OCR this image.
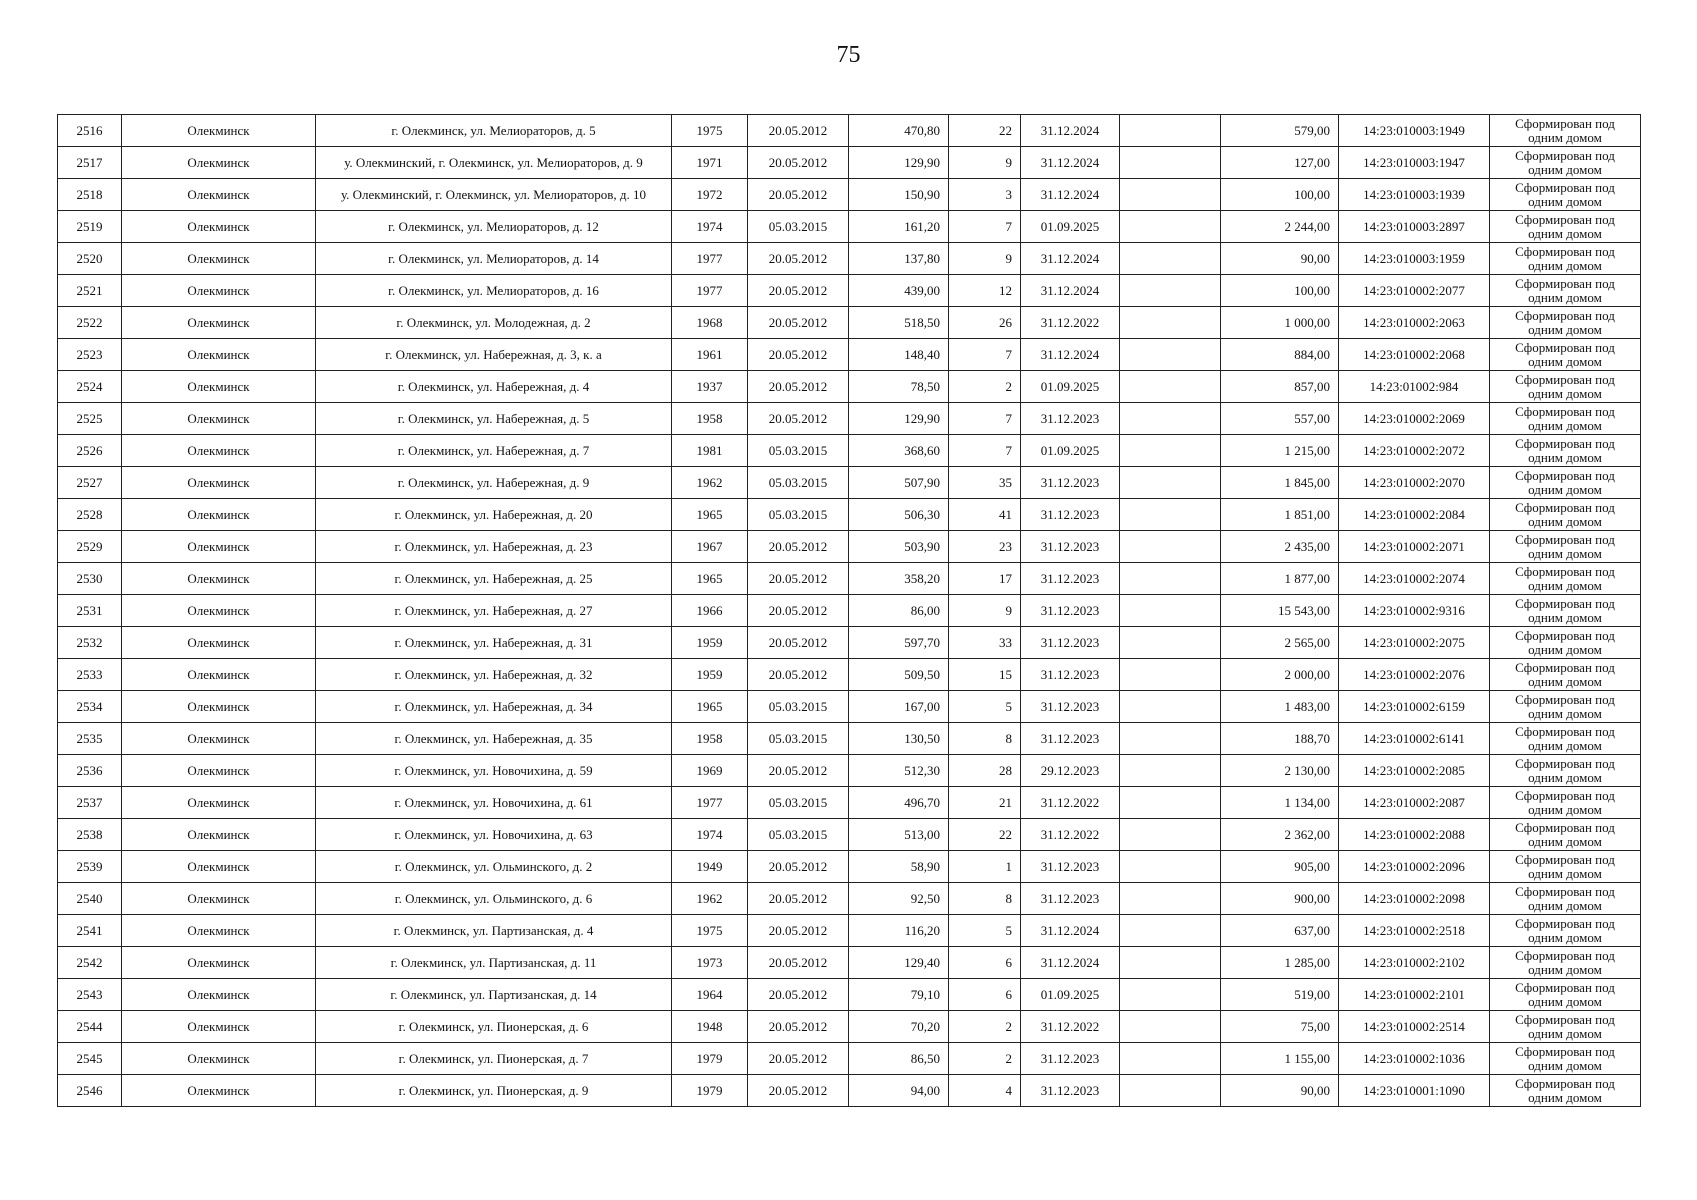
75
2516	Олекминск	г. Олекминск, ул. Мелиораторов, д. 5	1975	20.05.2012	470,80	22	31.12.2024		579,00	14:23:010003:1949	Сформирован под одним домом
2517	Олекминск	у. Олекминский, г. Олекминск, ул. Мелиораторов, д. 9	1971	20.05.2012	129,90	9	31.12.2024		127,00	14:23:010003:1947	Сформирован под одним домом
2518	Олекминск	у. Олекминский, г. Олекминск, ул. Мелиораторов, д. 10	1972	20.05.2012	150,90	3	31.12.2024		100,00	14:23:010003:1939	Сформирован под одним домом
2519	Олекминск	г. Олекминск, ул. Мелиораторов, д. 12	1974	05.03.2015	161,20	7	01.09.2025		2 244,00	14:23:010003:2897	Сформирован под одним домом
2520	Олекминск	г. Олекминск, ул. Мелиораторов, д. 14	1977	20.05.2012	137,80	9	31.12.2024		90,00	14:23:010003:1959	Сформирован под одним домом
2521	Олекминск	г. Олекминск, ул. Мелиораторов, д. 16	1977	20.05.2012	439,00	12	31.12.2024		100,00	14:23:010002:2077	Сформирован под одним домом
2522	Олекминск	г. Олекминск, ул. Молодежная, д. 2	1968	20.05.2012	518,50	26	31.12.2022		1 000,00	14:23:010002:2063	Сформирован под одним домом
2523	Олекминск	г. Олекминск, ул. Набережная, д. 3, к. а	1961	20.05.2012	148,40	7	31.12.2024		884,00	14:23:010002:2068	Сформирован под одним домом
2524	Олекминск	г. Олекминск, ул. Набережная, д. 4	1937	20.05.2012	78,50	2	01.09.2025		857,00	14:23:01002:984	Сформирован под одним домом
2525	Олекминск	г. Олекминск, ул. Набережная, д. 5	1958	20.05.2012	129,90	7	31.12.2023		557,00	14:23:010002:2069	Сформирован под одним домом
2526	Олекминск	г. Олекминск, ул. Набережная, д. 7	1981	05.03.2015	368,60	7	01.09.2025		1 215,00	14:23:010002:2072	Сформирован под одним домом
2527	Олекминск	г. Олекминск, ул. Набережная, д. 9	1962	05.03.2015	507,90	35	31.12.2023		1 845,00	14:23:010002:2070	Сформирован под одним домом
2528	Олекминск	г. Олекминск, ул. Набережная, д. 20	1965	05.03.2015	506,30	41	31.12.2023		1 851,00	14:23:010002:2084	Сформирован под одним домом
2529	Олекминск	г. Олекминск, ул. Набережная, д. 23	1967	20.05.2012	503,90	23	31.12.2023		2 435,00	14:23:010002:2071	Сформирован под одним домом
2530	Олекминск	г. Олекминск, ул. Набережная, д. 25	1965	20.05.2012	358,20	17	31.12.2023		1 877,00	14:23:010002:2074	Сформирован под одним домом
2531	Олекминск	г. Олекминск, ул. Набережная, д. 27	1966	20.05.2012	86,00	9	31.12.2023		15 543,00	14:23:010002:9316	Сформирован под одним домом
2532	Олекминск	г. Олекминск, ул. Набережная, д. 31	1959	20.05.2012	597,70	33	31.12.2023		2 565,00	14:23:010002:2075	Сформирован под одним домом
2533	Олекминск	г. Олекминск, ул. Набережная, д. 32	1959	20.05.2012	509,50	15	31.12.2023		2 000,00	14:23:010002:2076	Сформирован под одним домом
2534	Олекминск	г. Олекминск, ул. Набережная, д. 34	1965	05.03.2015	167,00	5	31.12.2023		1 483,00	14:23:010002:6159	Сформирован под одним домом
2535	Олекминск	г. Олекминск, ул. Набережная, д. 35	1958	05.03.2015	130,50	8	31.12.2023		188,70	14:23:010002:6141	Сформирован под одним домом
2536	Олекминск	г. Олекминск, ул. Новочихина, д. 59	1969	20.05.2012	512,30	28	29.12.2023		2 130,00	14:23:010002:2085	Сформирован под одним домом
2537	Олекминск	г. Олекминск, ул. Новочихина, д. 61	1977	05.03.2015	496,70	21	31.12.2022		1 134,00	14:23:010002:2087	Сформирован под одним домом
2538	Олекминск	г. Олекминск, ул. Новочихина, д. 63	1974	05.03.2015	513,00	22	31.12.2022		2 362,00	14:23:010002:2088	Сформирован под одним домом
2539	Олекминск	г. Олекминск, ул. Ольминского, д. 2	1949	20.05.2012	58,90	1	31.12.2023		905,00	14:23:010002:2096	Сформирован под одним домом
2540	Олекминск	г. Олекминск, ул. Ольминского, д. 6	1962	20.05.2012	92,50	8	31.12.2023		900,00	14:23:010002:2098	Сформирован под одним домом
2541	Олекминск	г. Олекминск, ул. Партизанская, д. 4	1975	20.05.2012	116,20	5	31.12.2024		637,00	14:23:010002:2518	Сформирован под одним домом
2542	Олекминск	г. Олекминск, ул. Партизанская, д. 11	1973	20.05.2012	129,40	6	31.12.2024		1 285,00	14:23:010002:2102	Сформирован под одним домом
2543	Олекминск	г. Олекминск, ул. Партизанская, д. 14	1964	20.05.2012	79,10	6	01.09.2025		519,00	14:23:010002:2101	Сформирован под одним домом
2544	Олекминск	г. Олекминск, ул. Пионерская, д. 6	1948	20.05.2012	70,20	2	31.12.2022		75,00	14:23:010002:2514	Сформирован под одним домом
2545	Олекминск	г. Олекминск, ул. Пионерская, д. 7	1979	20.05.2012	86,50	2	31.12.2023		1 155,00	14:23:010002:1036	Сформирован под одним домом
2546	Олекминск	г. Олекминск, ул. Пионерская, д. 9	1979	20.05.2012	94,00	4	31.12.2023		90,00	14:23:010001:1090	Сформирован под одним домом
